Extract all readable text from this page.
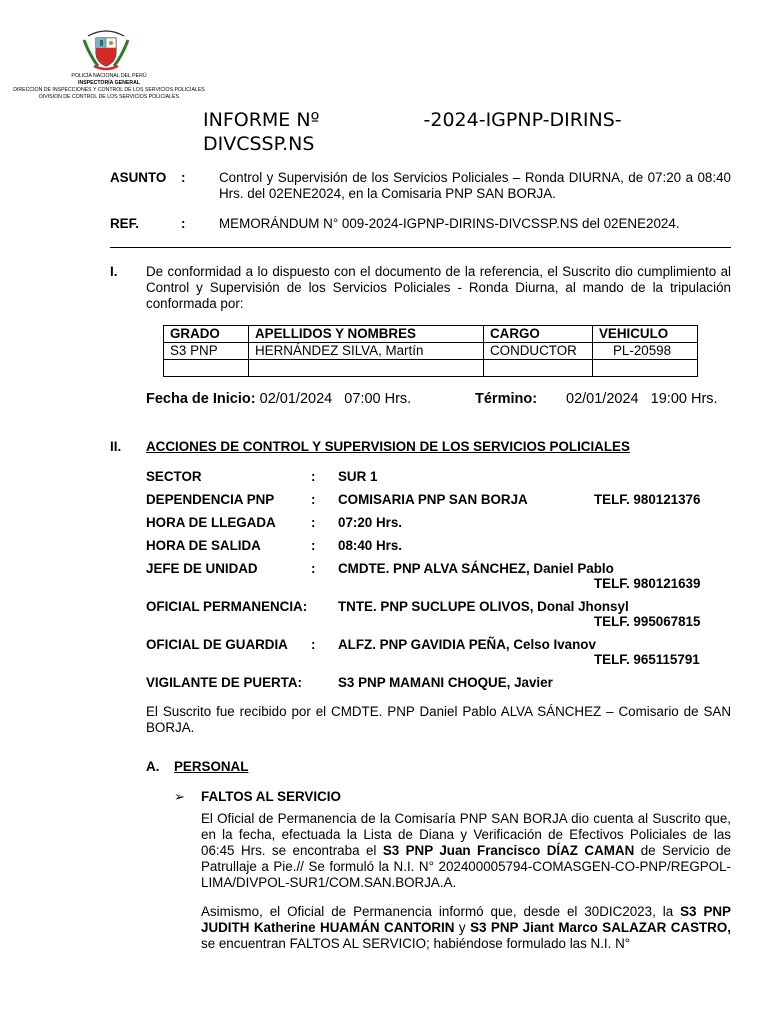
POLICÍA NACIONAL DEL PERÚ
INSPECTORÍA GENERAL
DIRECCION DE INSPECCIONES Y CONTROL DE LOS SERVICIOS POLICIALES
DIVISION DE CONTROL DE LOS SERVICIOS POLICIALES
INFORME Nº	-2024-IGPNP-DIRINS-
DIVCSSP.NS
ASUNTO :	Control y Supervisión de los Servicios Policiales – Ronda DIURNA, de 07:20 a 08:40 Hrs. del 02ENE2024, en la Comisaria PNP SAN BORJA.
REF.	:	MEMORÁNDUM N° 009-2024-IGPNP-DIRINS-DIVCSSP.NS del 02ENE2024.
I. De conformidad a lo dispuesto con el documento de la referencia, el Suscrito dio cumplimiento al Control y Supervisión de los Servicios Policiales - Ronda Diurna, al mando de la tripulación conformada por:
GRADO	APELLIDOS Y NOMBRES	CARGO	VEHICULO
S3 PNP	HERNÁNDEZ SILVA, Martín	CONDUCTOR	PL-20598

Fecha de Inicio: 02/01/2024   07:00 Hrs.	Término: 02/01/2024   19:00 Hrs.
II. ACCIONES DE CONTROL Y SUPERVISION DE LOS SERVICIOS POLICIALES
SECTOR	: SUR 1
DEPENDENCIA PNP	: COMISARIA PNP SAN BORJA	TELF. 980121376
HORA DE LLEGADA	: 07:20 Hrs.
HORA DE SALIDA	: 08:40 Hrs.
JEFE DE UNIDAD	: CMDTE. PNP ALVA SÁNCHEZ, Daniel Pablo
TELF. 980121639
OFICIAL PERMANENCIA: TNTE. PNP SUCLUPE OLIVOS, Donal Jhonsyl
TELF. 995067815
OFICIAL DE GUARDIA : ALFZ. PNP GAVIDIA PEÑA, Celso Ivanov
TELF. 965115791
VIGILANTE DE PUERTA:	S3 PNP MAMANI CHOQUE, Javier
El Suscrito fue recibido por el CMDTE. PNP Daniel Pablo ALVA SÁNCHEZ – Comisario de SAN BORJA.
A. PERSONAL
➢ FALTOS AL SERVICIO
El Oficial de Permanencia de la Comisaría PNP SAN BORJA dio cuenta al Suscrito que, en la fecha, efectuada la Lista de Diana y Verificación de Efectivos Policiales de las 06:45 Hrs. se encontraba el S3 PNP Juan Francisco DÍAZ CAMAN de Servicio de Patrullaje a Pie.// Se formuló la N.I. N° 202400005794-COMASGEN-CO-PNP/REGPOL-LIMA/DIVPOL-SUR1/COM.SAN.BORJA.A.
Asimismo, el Oficial de Permanencia informó que, desde el 30DIC2023, la S3 PNP JUDITH Katherine HUAMÁN CANTORIN y S3 PNP Jiant Marco SALAZAR CASTRO, se encuentran FALTOS AL SERVICIO; habiéndose formulado las N.I. N°
